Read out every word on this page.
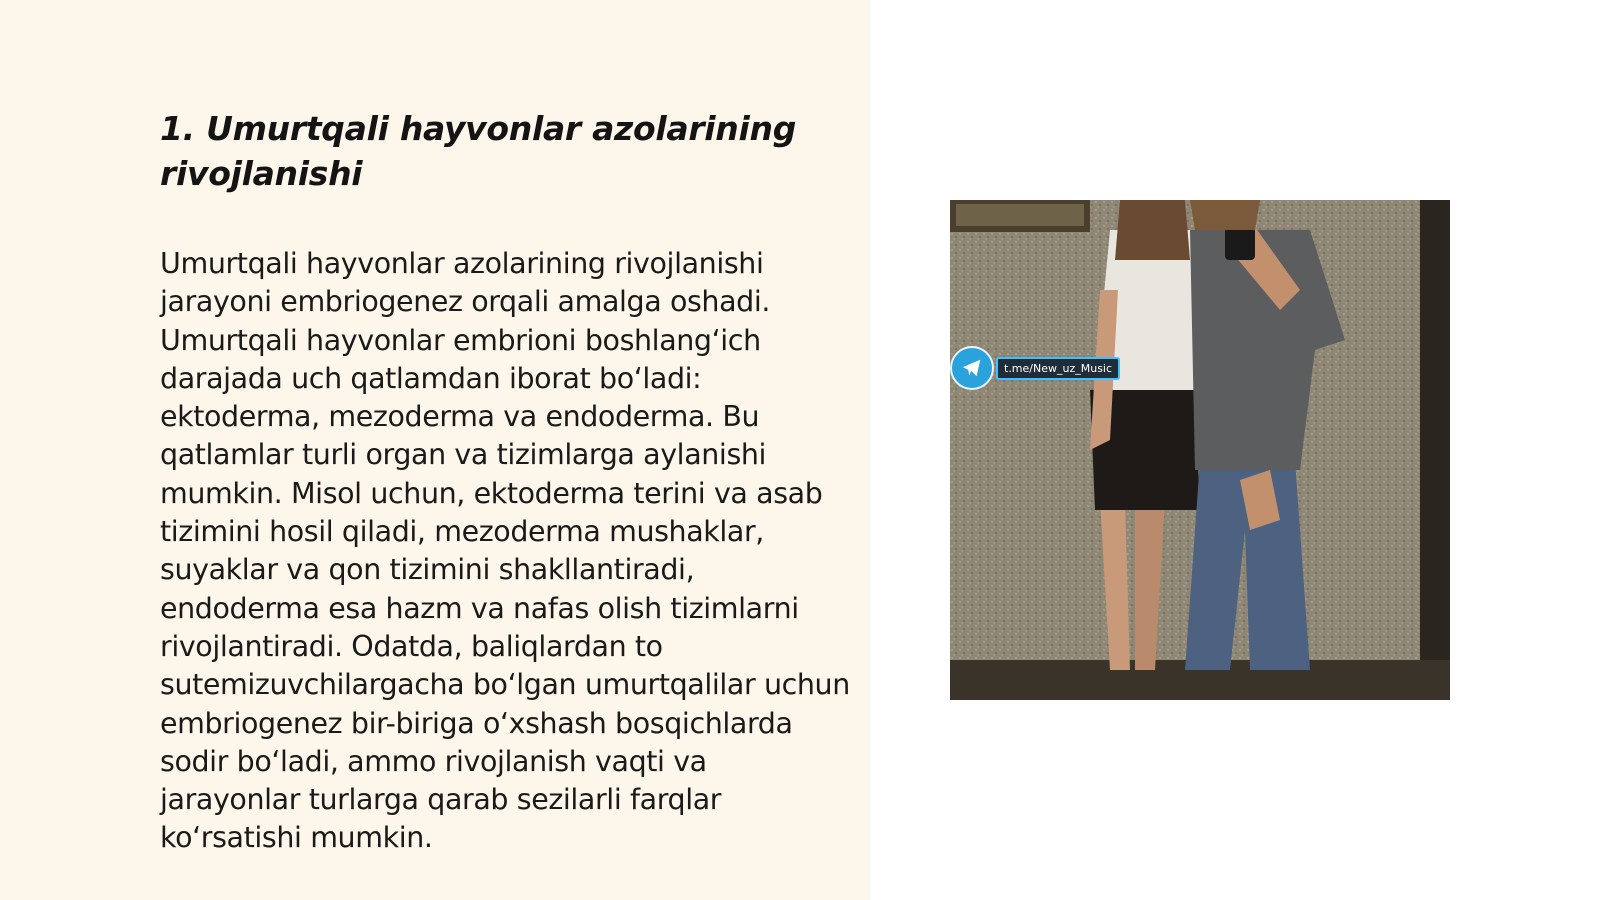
1. Umurtqali hayvonlar azolarining rivojlanishi

Umurtqali hayvonlar azolarining rivojlanishi jarayoni embriogenez orqali amalga oshadi. Umurtqali hayvonlar embrioni boshlang‘ich darajada uch qatlamdan iborat bo‘ladi: ektoderma, mezoderma va endoderma. Bu qatlamlar turli organ va tizimlarga aylanishi mumkin. Misol uchun, ektoderma terini va asab tizimini hosil qiladi, mezoderma mushaklar, suyaklar va qon tizimini shakllantiradi, endoderma esa hazm va nafas olish tizimlarni rivojlantiradi. Odatda, baliqlardan to sutemizuvchilargacha bo‘lgan umurtqalilar uchun embriogenez bir-biriga o‘xshash bosqichlarda sodir bo‘ladi, ammo rivojlanish vaqti va jarayonlar turlarga qarab sezilarli farqlar ko‘rsatishi mumkin.

t.me/New_uz_Music
